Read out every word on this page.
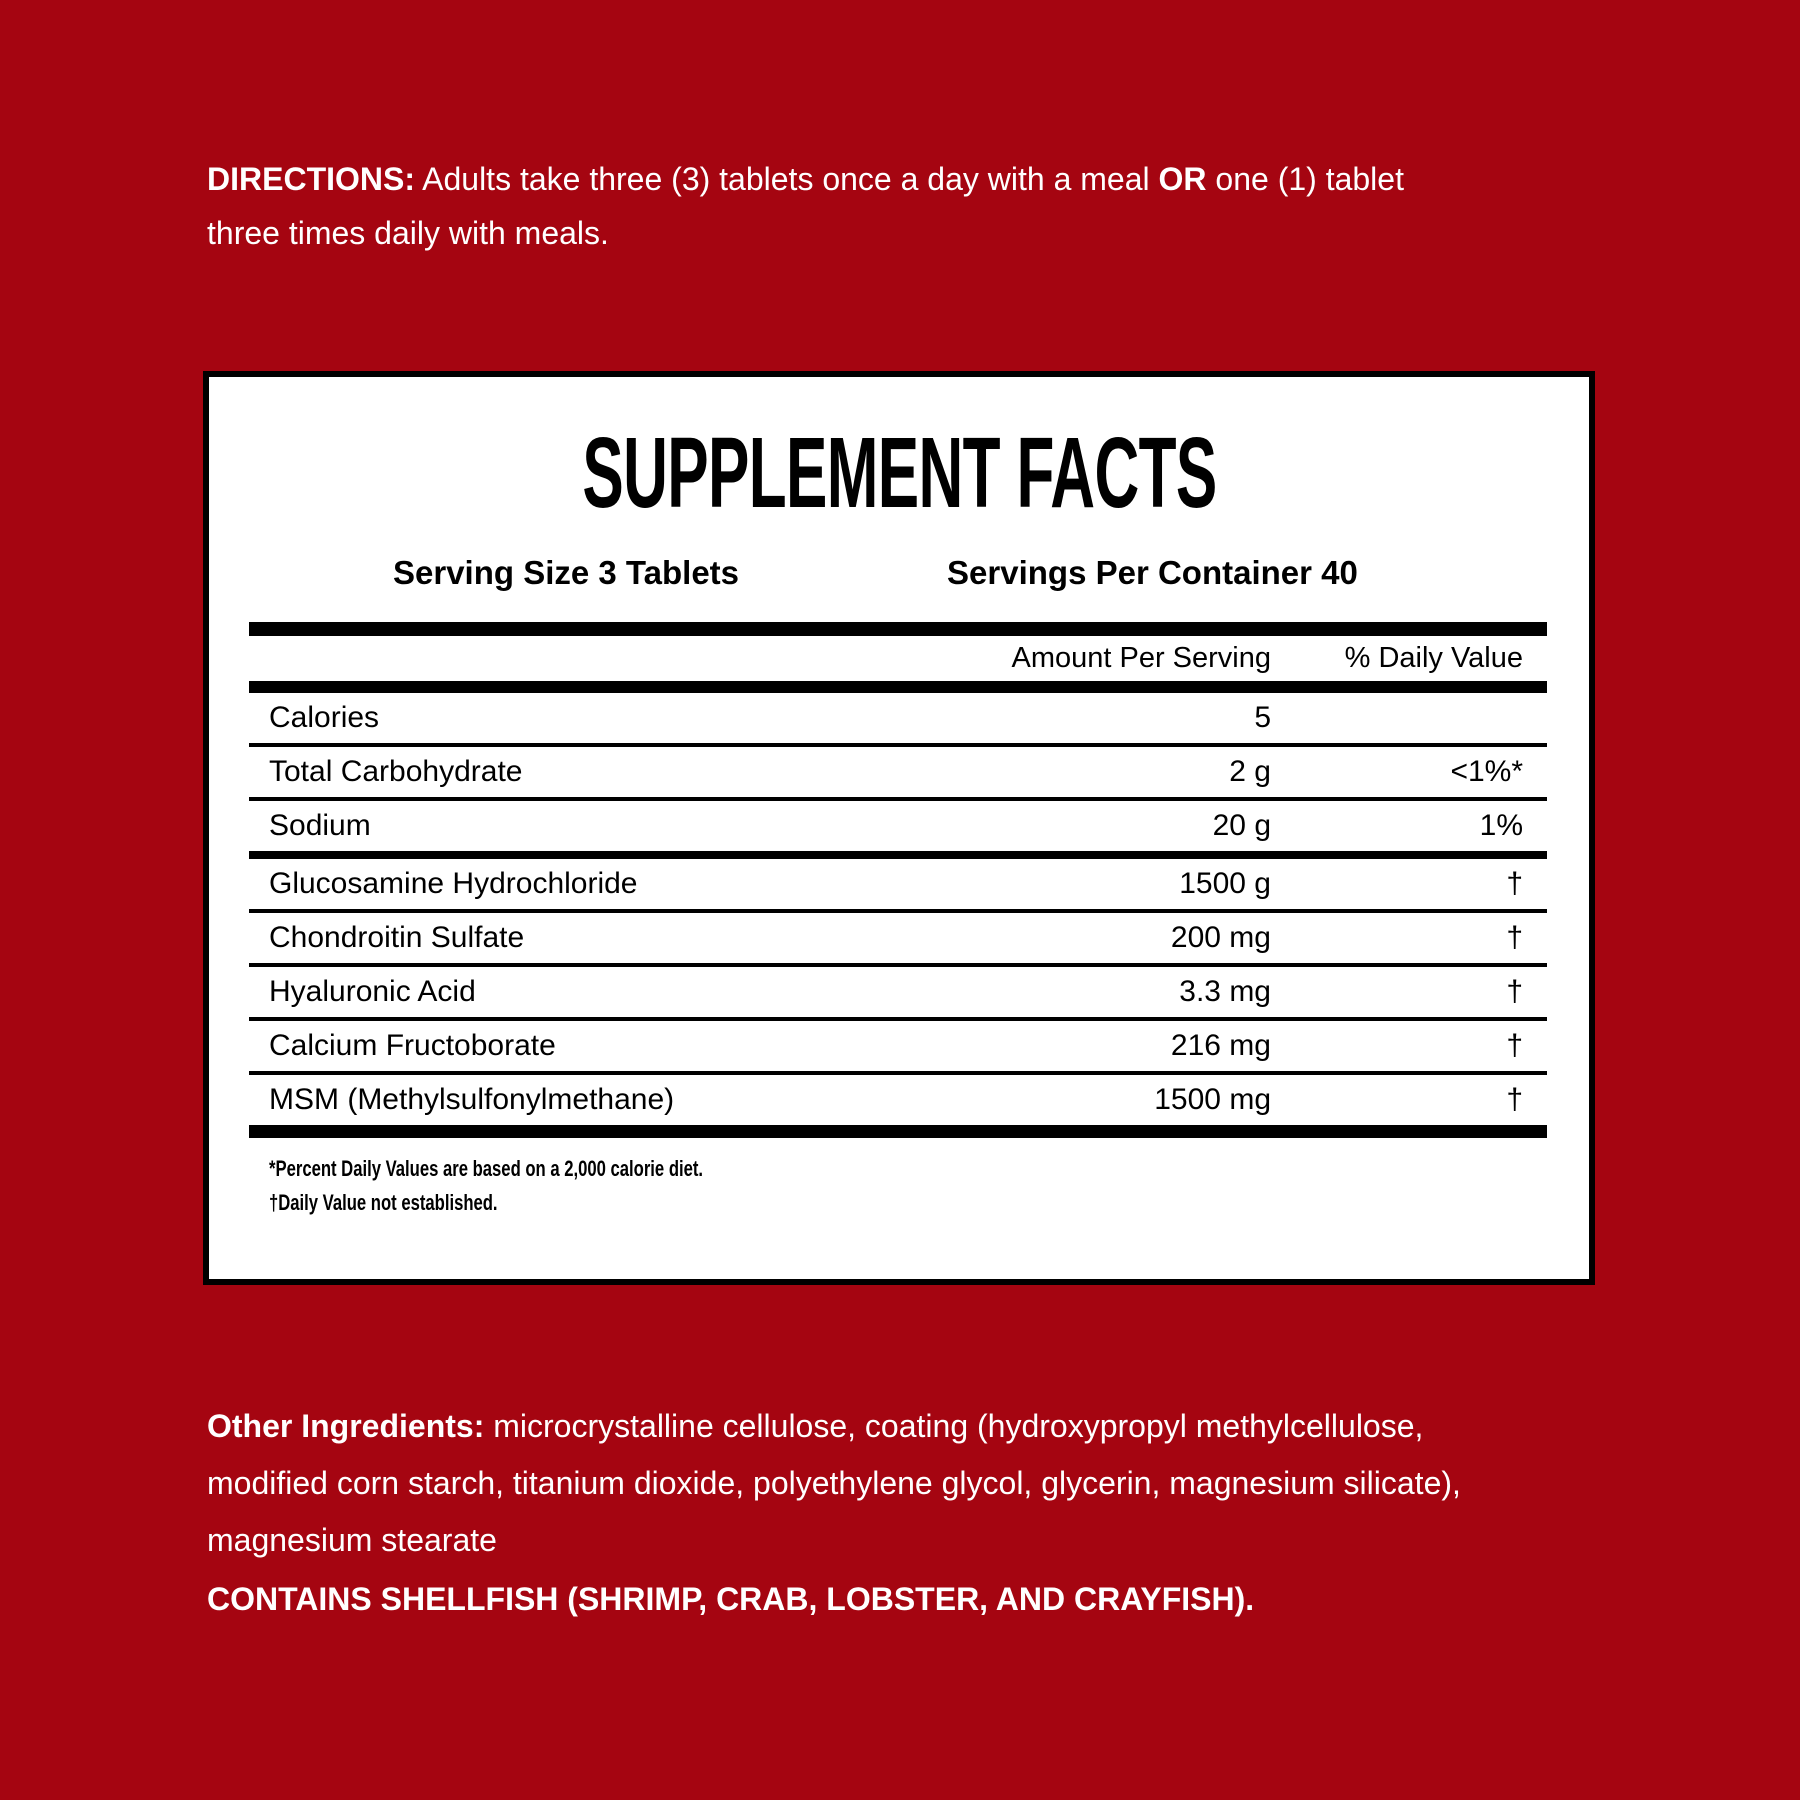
DIRECTIONS: Adults take three (3) tablets once a day with a meal OR one (1) tablet three times daily with meals.
SUPPLEMENT FACTS
Serving Size 3 Tablets	Servings Per Container 40
Amount Per Serving	% Daily Value
Calories	5
Total Carbohydrate	2 g	<1%*
Sodium	20 g	1%
Glucosamine Hydrochloride	1500 g	†
Chondroitin Sulfate	200 mg	†
Hyaluronic Acid	3.3 mg	†
Calcium Fructoborate	216 mg	†
MSM (Methylsulfonylmethane)	1500 mg	†
*Percent Daily Values are based on a 2,000 calorie diet.
†Daily Value not established.
Other Ingredients: microcrystalline cellulose, coating (hydroxypropyl methylcellulose,
modified corn starch, titanium dioxide, polyethylene glycol, glycerin, magnesium silicate),
magnesium stearate
CONTAINS SHELLFISH (SHRIMP, CRAB, LOBSTER, AND CRAYFISH).
